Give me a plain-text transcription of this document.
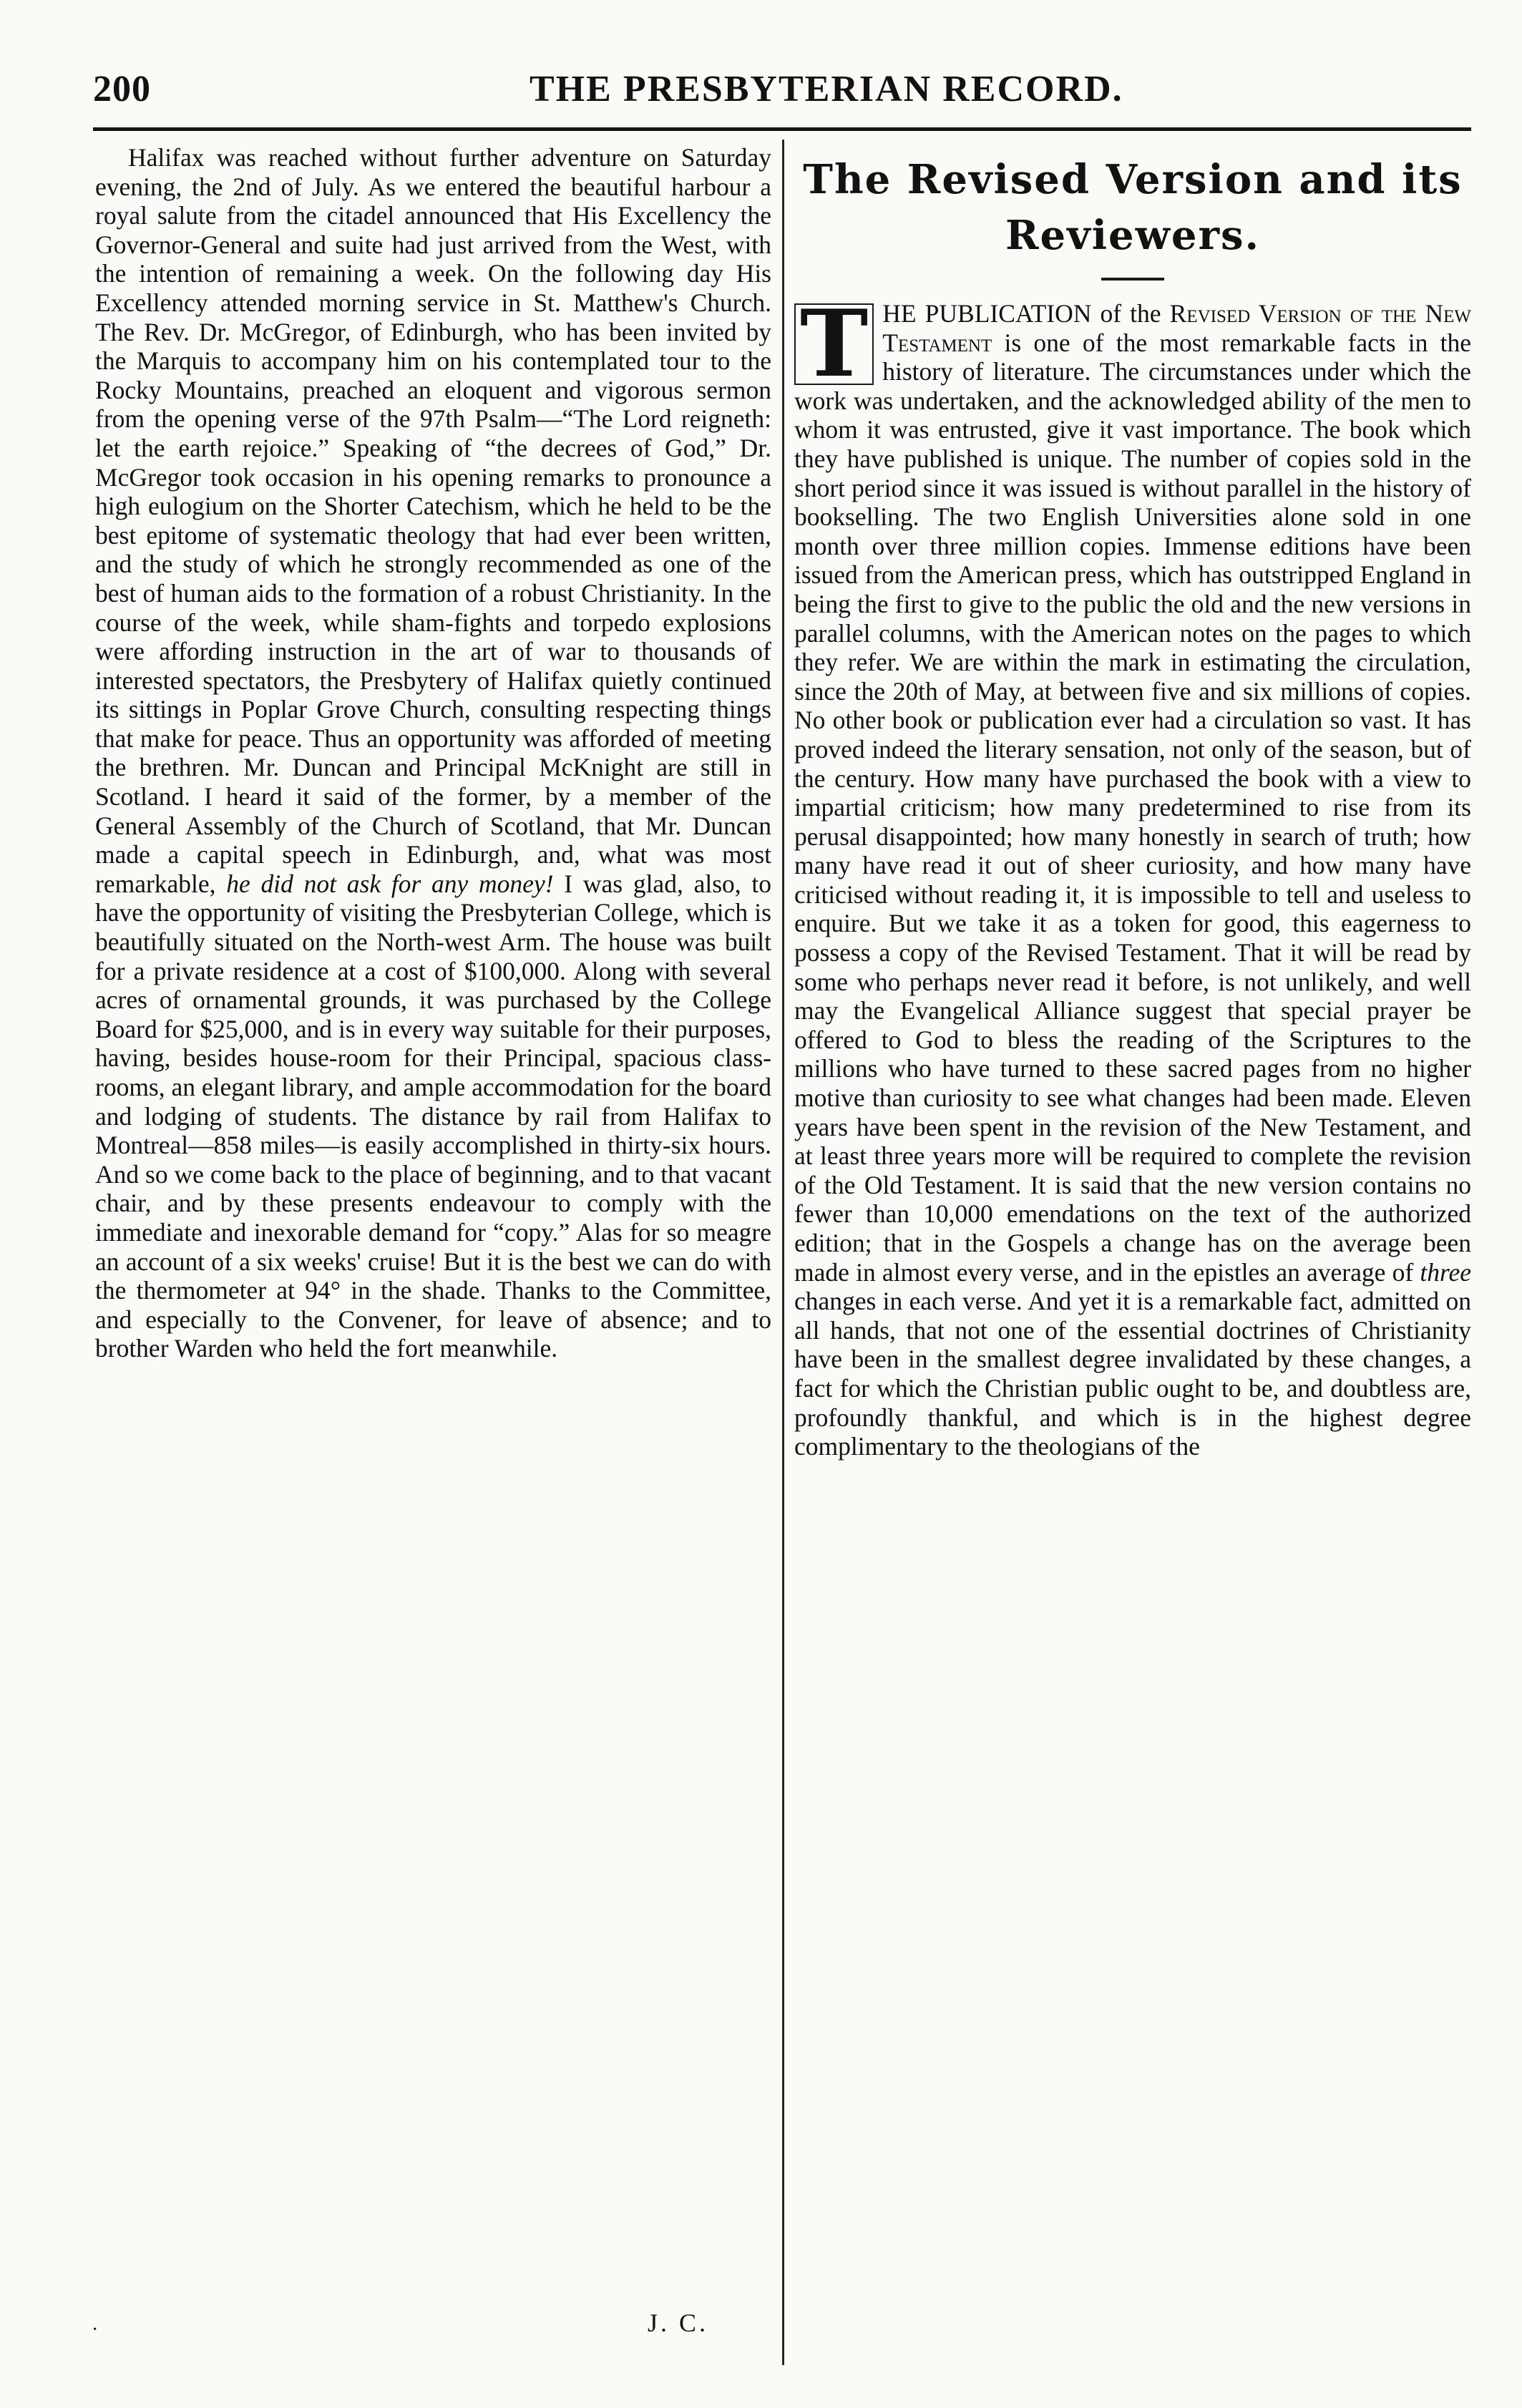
200	THE PRESBYTERIAN RECORD.

Halifax was reached without further adventure on Saturday evening, the 2nd of July. As we entered the beautiful harbour a royal salute from the citadel announced that His Excellency the Governor-General and suite had just arrived from the West, with the intention of remaining a week. On the following day His Excellency attended morning service in St. Matthew's Church. The Rev. Dr. McGregor, of Edinburgh, who has been invited by the Marquis to accompany him on his contemplated tour to the Rocky Mountains, preached an eloquent and vigorous sermon from the opening verse of the 97th Psalm—“The Lord reigneth: let the earth rejoice.” Speaking of “the decrees of God,” Dr. McGregor took occasion in his opening remarks to pronounce a high eulogium on the Shorter Catechism, which he held to be the best epitome of systematic theology that had ever been written, and the study of which he strongly recommended as one of the best of human aids to the formation of a robust Christianity. In the course of the week, while sham-fights and torpedo explosions were affording instruction in the art of war to thousands of interested spectators, the Presbytery of Halifax quietly continued its sittings in Poplar Grove Church, consulting respecting things that make for peace. Thus an opportunity was afforded of meeting the brethren. Mr. Duncan and Principal McKnight are still in Scotland. I heard it said of the former, by a member of the General Assembly of the Church of Scotland, that Mr. Duncan made a capital speech in Edinburgh, and, what was most remarkable, he did not ask for any money! I was glad, also, to have the opportunity of visiting the Presbyterian College, which is beautifully situated on the North-west Arm. The house was built for a private residence at a cost of $100,000. Along with several acres of ornamental grounds, it was purchased by the College Board for $25,000, and is in every way suitable for their purposes, having, besides house-room for their Principal, spacious class-rooms, an elegant library, and ample accommodation for the board and lodging of students. The distance by rail from Halifax to Montreal—858 miles—is easily accomplished in thirty-six hours. And so we come back to the place of beginning, and to that vacant chair, and by these presents endeavour to comply with the immediate and inexorable demand for “copy.” Alas for so meagre an account of a six weeks' cruise! But it is the best we can do with the thermometer at 94° in the shade. Thanks to the Committee, and especially to the Convener, for leave of absence; and to brother Warden who held the fort meanwhile.

·	J. C.
The Revised Version and its
Reviewers.

T HE PUBLICATION of the Revised Version of the New Testament is one of the most remarkable facts in the history of literature. The circumstances under which the work was undertaken, and the acknowledged ability of the men to whom it was entrusted, give it vast importance. The book which they have published is unique. The number of copies sold in the short period since it was issued is without parallel in the history of bookselling. The two English Universities alone sold in one month over three million copies. Immense editions have been issued from the American press, which has outstripped England in being the first to give to the public the old and the new versions in parallel columns, with the American notes on the pages to which they refer. We are within the mark in estimating the circulation, since the 20th of May, at between five and six millions of copies. No other book or publication ever had a circulation so vast. It has proved indeed the literary sensation, not only of the season, but of the century. How many have purchased the book with a view to impartial criticism; how many predetermined to rise from its perusal disappointed; how many honestly in search of truth; how many have read it out of sheer curiosity, and how many have criticised without reading it, it is impossible to tell and useless to enquire. But we take it as a token for good, this eagerness to possess a copy of the Revised Testament. That it will be read by some who perhaps never read it before, is not unlikely, and well may the Evangelical Alliance suggest that special prayer be offered to God to bless the reading of the Scriptures to the millions who have turned to these sacred pages from no higher motive than curiosity to see what changes had been made. Eleven years have been spent in the revision of the New Testament, and at least three years more will be required to complete the revision of the Old Testament. It is said that the new version contains no fewer than 10,000 emendations on the text of the authorized edition; that in the Gospels a change has on the average been made in almost every verse, and in the epistles an average of three changes in each verse. And yet it is a remarkable fact, admitted on all hands, that not one of the essential doctrines of Christianity have been in the smallest degree invalidated by these changes, a fact for which the Christian public ought to be, and doubtless are, profoundly thankful, and which is in the highest degree complimentary to the theologians of the
